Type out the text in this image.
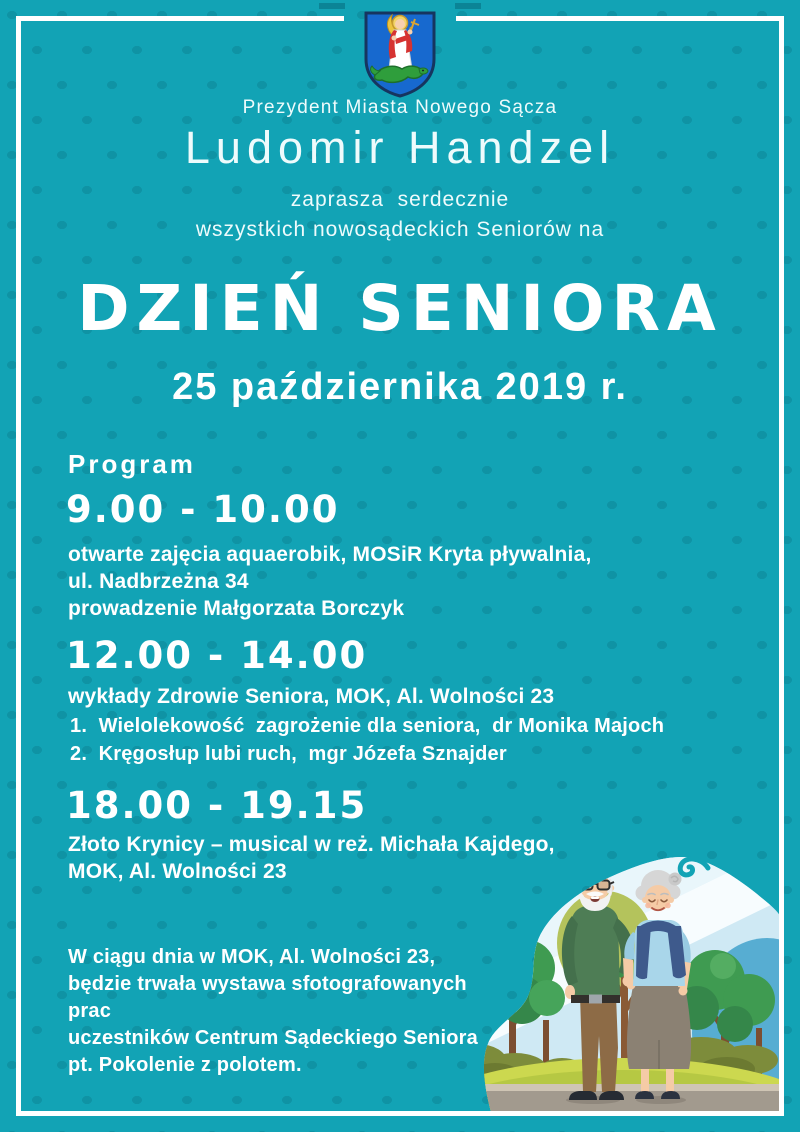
Prezydent Miasta Nowego Sącza
Ludomir Handzel
zaprasza  serdecznie
wszystkich nowosądeckich Seniorów na
DZIEŃ SENIORA
25 października 2019 r.
Program
9.00 - 10.00
otwarte zajęcia aquaerobik, MOSiR Kryta pływalnia,
ul. Nadbrzeżna 34
prowadzenie Małgorzata Borczyk
12.00 - 14.00
wykłady Zdrowie Seniora, MOK, Al. Wolności 23
1.  Wielolekowość  zagrożenie dla seniora,  dr Monika Majoch
2.  Kręgosłup lubi ruch,  mgr Józefa Sznajder
18.00 - 19.15
Złoto Krynicy – musical w reż. Michała Kajdego,
MOK, Al. Wolności 23
W ciągu dnia w MOK, Al. Wolności 23,
będzie trwała wystawa sfotografowanych prac
uczestników Centrum Sądeckiego Seniora
pt. Pokolenie z polotem.
